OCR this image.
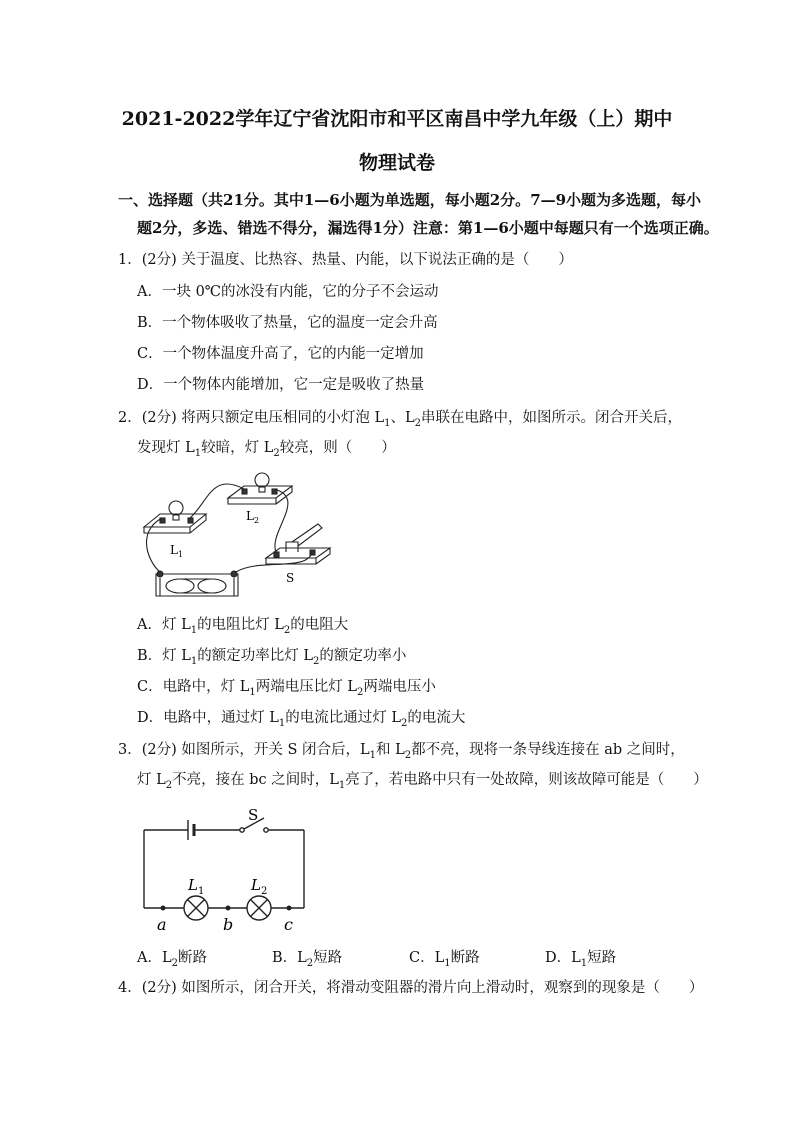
2021-2022学年辽宁省沈阳市和平区南昌中学九年级（上）期中
物理试卷
一、选择题（共21分。其中1—6小题为单选题，每小题2分。7—9小题为多选题，每小
题2分，多选、错选不得分，漏选得1分）注意：第1—6小题中每题只有一个选项正确。
1．(2分) 关于温度、比热容、热量、内能，以下说法正确的是（　　）
A．一块 0℃的冰没有内能，它的分子不会运动
B．一个物体吸收了热量，它的温度一定会升高
C．一个物体温度升高了，它的内能一定增加
D．一个物体内能增加，它一定是吸收了热量
2．(2分) 将两只额定电压相同的小灯泡 $L_1$、$L_2$串联在电路中，如图所示。闭合开关后，
发现灯 $L_1$较暗，灯 $L_2$较亮，则（　　）
$L_1$
$L_2$
S
A．灯 $L_1$的电阻比灯 $L_2$的电阻大
B．灯 $L_1$的额定功率比灯 $L_2$的额定功率小
C．电路中，灯 $L_1$两端电压比灯 $L_2$两端电压小
D．电路中，通过灯 $L_1$的电流比通过灯 $L_2$的电流大
3．(2分) 如图所示，开关 S 闭合后，$L_1$和 $L_2$都不亮，现将一条导线连接在 ab 之间时，
灯 $L_2$不亮，接在 bc 之间时，$L_1$亮了，若电路中只有一处故障，则该故障可能是（　　）
S
$L_1$	$L_2$
a	b	c
A．$L_2$断路	B．$L_2$短路	C．$L_1$断路	D．$L_1$短路
4．(2分) 如图所示，闭合开关，将滑动变阻器的滑片向上滑动时，观察到的现象是（　　）
